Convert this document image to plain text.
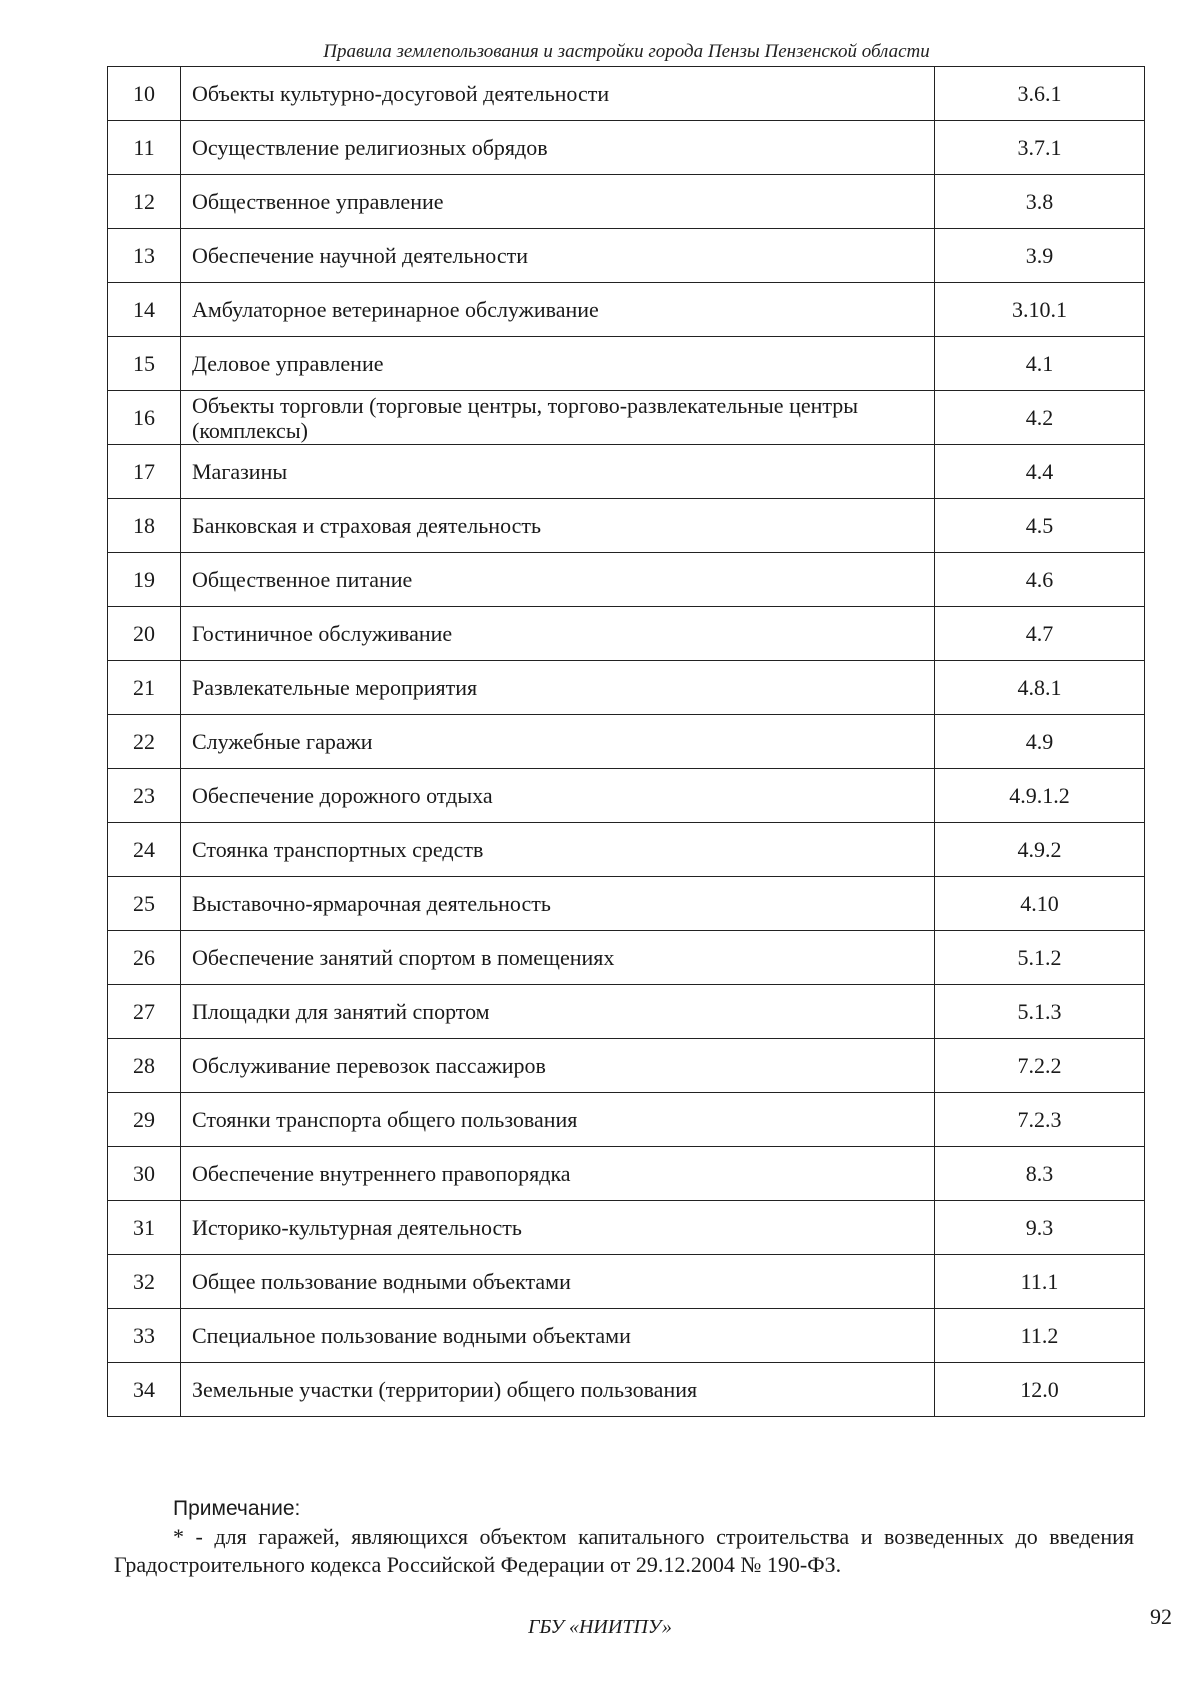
Правила землепользования и застройки города Пензы Пензенской области
10	Объекты культурно-досуговой деятельности	3.6.1
11	Осуществление религиозных обрядов	3.7.1
12	Общественное управление	3.8
13	Обеспечение научной деятельности	3.9
14	Амбулаторное ветеринарное обслуживание	3.10.1
15	Деловое управление	4.1
16	Объекты торговли (торговые центры, торгово-развлекательные центры (комплексы)	4.2
17	Магазины	4.4
18	Банковская и страховая деятельность	4.5
19	Общественное питание	4.6
20	Гостиничное обслуживание	4.7
21	Развлекательные мероприятия	4.8.1
22	Служебные гаражи	4.9
23	Обеспечение дорожного отдыха	4.9.1.2
24	Стоянка транспортных средств	4.9.2
25	Выставочно-ярмарочная деятельность	4.10
26	Обеспечение занятий спортом в помещениях	5.1.2
27	Площадки для занятий спортом	5.1.3
28	Обслуживание перевозок пассажиров	7.2.2
29	Стоянки транспорта общего пользования	7.2.3
30	Обеспечение внутреннего правопорядка	8.3
31	Историко-культурная деятельность	9.3
32	Общее пользование водными объектами	11.1
33	Специальное пользование водными объектами	11.2
34	Земельные участки (территории) общего пользования	12.0
Примечание:
* - для гаражей, являющихся объектом капитального строительства и возведенных до введения Градостроительного кодекса Российской Федерации от 29.12.2004 № 190-ФЗ.
ГБУ «НИИТПУ»	92
